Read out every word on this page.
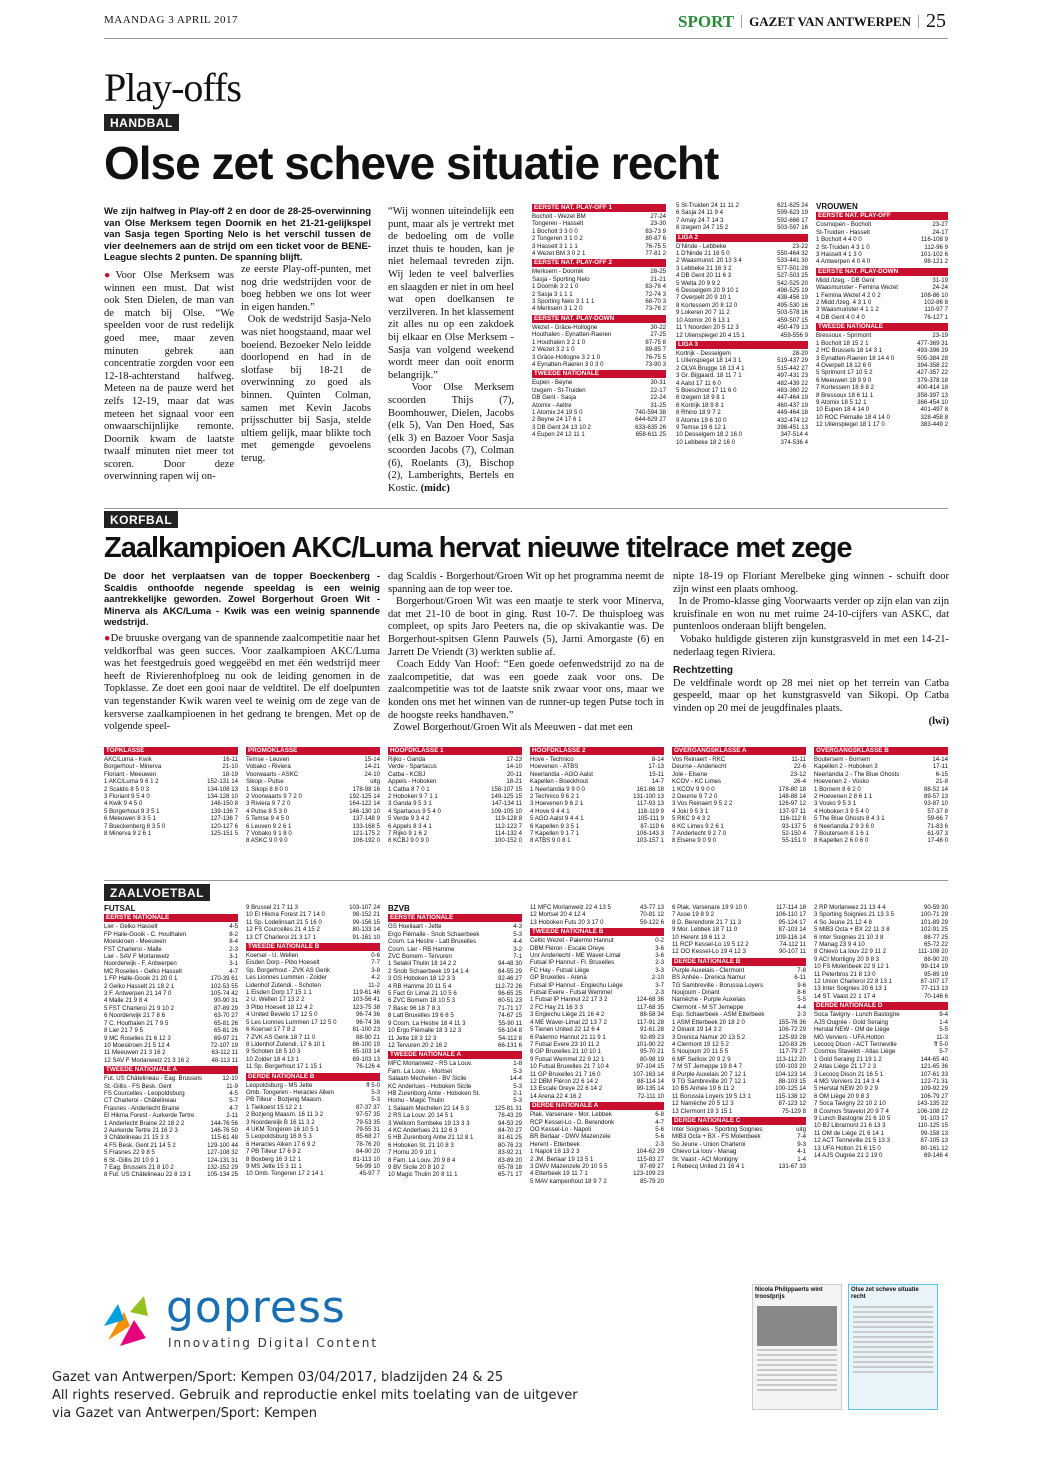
MAANDAG 3 APRIL 2017	SPORT | GAZET VAN ANTWERPEN | 25
Play-offs
HANDBAL
Olse zet scheve situatie recht

We zijn halfweg in Play-off 2 en door de 28-25-overwinning van Olse Merksem tegen Doornik en het 21-21-gelijkspel van Sasja tegen Sporting Nelo is het verschil tussen de vier deelnemers aan de strijd om een ticket voor de BENE-League slechts 2 punten. De spanning blijft.

●Voor Olse Merksem was winnen een must. Dat wist ook Sten Dielen, de man van de match bij Olse. “We speelden voor de rust redelijk goed mee, maar zeven minuten gebrek aan concentratie zorgden voor een 12-18-achterstand halfweg. Meteen na de pauze werd het zelfs 12-19, maar dat was meteen het signaal voor een onwaarschijnlijke remonte. Doornik kwam de laatste twaalf minuten niet meer tot scoren. Door deze overwinning rapen wij on-

ze eerste Play-off-punten, met nog drie wedstrijden voor de boeg hebben we ons lot weer in eigen handen.”
Ook de wedstrijd Sasja-Nelo was niet hoogstaand, maar wel boeiend. Bezoeker Nelo leidde doorlopend en had in de slotfase bij 18-21 de overwinning zo goed als binnen. Quinten Colman, samen met Kevin Jacobs prijsschutter bij Sasja, stelde ultiem gelijk, maar blikte toch met gemengde gevoelens terug.

“Wij wonnen uiteindelijk een punt, maar als je vertrekt met de bedoeling om de volle inzet thuis te houden, kan je niet helemaal tevreden zijn. Wij leden te veel balverlies en slaagden er niet in om heel wat open doelkansen te verzilveren. In het klassement zit alles nu op een zakdoek bij elkaar en Olse Merksem - Sasja van volgend weekend wordt meer dan ooit enorm belangrijk.”

Voor Olse Merksem scoorden Thijs (7), Boomhouwer, Dielen, Jacobs (elk 5), Van Den Hoed, Sas (elk 3) en Bazoer Voor Sasja scoorden Jacobs (7), Colman (6), Roelants (3), Bischop (2), Lamberights, Bertels en Kostic. (midc)

EERSTE NAT. PLAY-OFF 1
Bocholt - Wezet BM	27-24
Tongeren - Hasselt	23-30
1 Bocholt 3 3 0 0	83-73 9
2 Tongeren 3 1 0 2	80-87 6
3 Hasselt 3 1 1 1	76-75 5
4 Wezet BM 3 0 2 1	77-81 2
EERSTE NAT. PLAY-OFF 2
Merksem - Doornik	28-25
Sasja - Sporting Nelo	21-21
1 Doornik 3 2 1 0	83-76 4
2 Sasja 3 1 1 1	72-74 3
3 Sporting Nelo 3 1 1 1	68-70 3
4 Merksem 3 1 2 0	73-76 2
EERSTE NAT. PLAY-DOWN
Wezet - Grâce-Hollogne	30-22
Houthalen - Eynatten-Raeren	27-25
1 Houthalen 3 2 1 0	87-75 8
2 Wezet 3 2 1 0	89-85 7
3 Grâce-Hollogne 3 2 1 0	76-75 5
4 Eynatten-Raeren 3 0 3 0	73-90 3
TWEEDE NATIONALE
Eupen - Beyne	30-31
Izegem - St-Truiden	22-17
DB Gent - Sasja	22-24
Atomix - Aeltre	31-25
1 Atomix 24 19 5 0	740-594 38
2 Beyne 24 17 6 1	644-629 27
3 DB Gent 24 13 10 2	633-635 26
4 Eupen 24 12 11 1	658-611 25
5 St-Truiden 24 11 11 2	621-625 24
6 Sasja 24 11 9 4	599-623 19
7 Amay 24 7 14 3	592-666 17
8 Izegem 24 7 15 2	503-597 16
LIGA 2
D'Ninde - Lebbeke	23-22
1 D'Ninde 21 16 5 0	550-464 32
2 Waasmunst. 20 13 3 4	533-441 30
3 Lebbeke 21 16 3 2	577-501 28
4 DB Gent 20 11 6 3	527-503 25
5 Welta 20 9 9 2	542-525 20
6 Desselgem 20 9 10 1	498-525 19
7 Overpelt 20 9 10 1	438-456 19
8 Kortessem 20 8 12 0	495-530 16
9 Lokeren 20 7 11 2	503-578 16
10 Atomix 20 6 13 1	459-507 15
11 'l Noorden 20 5 12 3	450-479 13
12 Uilenspiegel 20 4 15 1	459-556 9
LIGA 3
Kortrijk - Desselgem	28-20
1 Uilenspiegel 18 14 3 1	519-437 29
2 OLVA Brugge 18 13 4 1	515-442 27
3 Gr. Bijgaard. 18 11 7 1	497-431 23
4 Aalst 17 11 6 0	482-439 22
5 Boeschoot 17 11 6 0	483-360 22
6 Izegem 18 9 8 1	447-464 19
6 Kortrijk 18 9 8 1	460-437 19
8 Rhino 18 9 7 2	449-464 18
9 Atomix 19 6 10 0	432-474 12
9 Temse 19 6 12 1	398-451 13
10 Desselgem 18 2 16 0	347-514 4
10 Lebbeke 18 2 16 0	374-536 4
VROUWEN
EERSTE NAT. PLAY-OFF
Cosmopen - Bocholt	23-27
St-Truiden - Hasselt	24-17
1 Bocholt 4 4 0 0	116-108 9
2 St-Truiden 4 3 1 0	112-96 9
3 Hasselt 4 1 3 0	101-102 6
4 Antwerpen 4 0 4 0	98-121 2
EERSTE NAT. PLAY-DOWN
Midd./Izeg. - DB Gent	31-19
Waasmunster - Femina Wezet	24-24
1 Femina Wezet 4 2 0 2	108-86 10
2 Midd./Izeg. 4 3 1 0	102-86 8
3 Waasmunster 4 1 1 2	110-97 7
4 DB Gent 4 0 4 0	76-127 1
TWEEDE NATIONALE
Bressoux - Sprimont	23-19
1 Bocholt 18 15 2 1	477-369 31
2 HC Brussels 18 14 3 1	493-396 29
3 Eynatten-Raeren 18 14 4 0	505-384 28
4 Overpelt 18 12 6 0	394-358 22
5 Sprimont 17 10 5 2	427-357 22
6 Meeuwen 18 9 9 0	379-378 18
7 Kortessem 18 8 8 2	400-414 18
8 Bressoux 18 6 11 1	358-397 13
9 Atomix 18 5 12 1	366-454 10
10 Eupen 18 4 14 0	401-497 8
10 ROC Flémalle 18 4 14 0	328-458 8
12 Uilenspiegel 18 1 17 0	383-449 2
KORFBAL
Zaalkampioen AKC/Luma hervat nieuwe titelrace met zege

De door het verplaatsen van de topper Boeckenberg - Scaldis onthoofde negende speeldag is een weinig aantrekkelijke geworden. Zowel Borgerhout Groen Wit - Minerva als AKC/Luma - Kwik was een weinig spannende wedstrijd.

●De bruuske overgang van de spannende zaalcompetitie naar het veldkorfbal was geen succes. Voor zaalkampioen AKC/Luma was het feestgedruis goed weggeëbd en met één wedstrijd meer heeft de Rivierenhofploeg nu ook de leiding genomen in de Topklasse. Ze doet een gooi naar de veldtitel. De elf doelpunten van tegenstander Kwik waren veel te weinig om de zege van de kersverse zaalkampioenen in het gedrang te brengen. Met op de volgende speel-

dag Scaldis - Borgerhout/Groen Wit op het programma neemt de spanning aan de top weer toe.

Borgerhout/Groen Wit was een maatje te sterk voor Minerva, dat met 21-10 de boot in ging. Rust 10-7. De thuisploeg was compleet, op spits Jaro Peeters na, die op skivakantie was. De Borgerhout-spitsen Glenn Pauwels (5), Jarni Amorgaste (6) en Jarrett De Vriendt (3) werkten sublie af.

Coach Eddy Van Hoof: “Een goede oefenwedstrijd zo na de zaalcompetitie, dat was een goede zaak voor ons. De zaalcompetitie was tot de laatste snik zwaar voor ons, maar we konden ons met het winnen van de runner-up tegen Putse toch in de hoogste reeks handhaven.”

Zowel Borgerhout/Groen Wit als Meeuwen - dat met een

nipte 18-19 op Floriant Merelbeke ging winnen - schuift door zijn winst een plaats omhoog.

In de Promo-klasse ging Voorwaarts verder op zijn elan van zijn kruisfinale en won nu met ruime 24-10-cijfers van ASKC, dat puntenloos onderaan blijft bengelen.

Vobako huldigde gisteren zijn kunstgrasveld in met een 14-21-nederlaag tegen Riviera.

Rechtzetting

De veldfinale wordt op 28 mei niet op het terrein van Catba gespeeld, maar op het kunstgrasveld van Sikopi. Op Catba vinden op 20 mei de jeugdfinales plaats.

(lwi)

TOPKLASSE
AKC/Luma - Kwik	16-11
Borgerhout - Minerva	21-10
Floriant - Meeuwen	18-19
1 AKC/Luma 9 6 1 2	152-131 14
2 Scaldis 8 5 0 3	134-108 13
3 Floriant 9 5 4 0	134-128 10
4 Kwik 9 4 5 0	146-150 8
5 Borgerhout 9 3 5 1	139-136 7
6 Meeuwen 8 3 5 1	127-136 7
7 Boeckenberg 8 3 5 0	120-127 6
8 Minerva 9 2 6 1	125-151 5
PROMOKLASSE
Temse - Leuven	15-14
Vobako - Riviera	14-21
Voorwaarts - ASKC	24-10
Sikopi - Putse	uitg
1 Sikopi 8 8 0 0	178-98 16
2 Voorwaarts 9 7 2 0	192-125 14
3 Riviera 9 7 2 0	164-122 14
4 Putse 8 5 3 0	146-130 10
5 Temse 9 4 5 0	137-148 9
6 Leuven 9 2 6 1	133-168 5
7 Vobako 9 1 8 0	121-175 2
8 ASKC 9 0 9 0	106-192 0
HOOFDKLASSE 1
Rijko - Ganda	17-23
Verde - Spartacus	14-10
Catba - KCBJ	20-11
Appels - Hoboken	18-21
1 Catba 8 7 0 1	158-107 15
2 Hoboken 9 7 1 1	149-125 15
3 Ganda 9 5 3 1	147-134 11
4 Spartacus 9 5 4 0	109-105 10
5 Verde 9 3 4 2	119-128 8
6 Appels 8 3 4 1	112-123 7
7 Rijko 9 1 6 2	114-132 4
8 KCBJ 9 0 9 0	100-152 0
HOOFDKLASSE 2
Hove - Technico	8-14
Hoevenen - ATBS	17-13
Neerlandia - AGO Aalst	15-11
Kapellen - Boeckhout	14-7
1 Neerlandia 9 9 0 0	161-86 18
2 Technico 9 6 2 1	131-100 13
3 Hoevenen 9 6 2 1	117-93 13
4 Hove 9 4 4 1	118-119 9
5 AGO Aalst 9 4 4 1	105-111 9
6 Kapellen 9 3 5 1	87-119 6
7 Kapellen 9 1 7 1	106-143 3
8 ATBS 9 0 8 1	103-157 1
OVERGANGSKLASSE A
Vos Reinaert - RKC	11-11
Deurne - Anderlecht	22-6
Jole - Elsene	23-12
KCOV - KC Limes	26-4
1 KCOV 9 9 0 0	178-80 18
2 Deurne 9 7 2 0	148-88 14
3 Vos Reinaert 9 5 2 2	126-97 12
4 Joki 9 5 3 1	137-97 11
5 RKC 9 4 3 2	116-112 8
6 KC Limes 9 2 6 1	93-137 5
7 Anderlecht 9 2 7 0	52-150 4
8 Elsene 9 0 9 0	55-151 0
OVERGANGSKLASSE B
Boutersem - Bornem	14-14
Kapellen 2 - Hoboken 3	17-11
Neerlandia 2 - The Blue Ghosts	6-15
Hoevenen 2 - Vosko	21-8
1 Bornem 8 6 2 0	88-52 14
2 Hoevenen 2 8 6 1 1	89-57 13
3 Vosko 9 5 3 1	93-87 10
4 Hoboken 3 9 5 4 0	57-37 8
5 The Blue Ghosts 8 4 3 1	59-66 7
6 Neerlandia 2 9 3 6 0	71-83 6
7 Boutersem 8 1 6 1	61-97 3
8 Kapellen 2 6 0 6 0	17-46 0
ZAALVOETBAL
FUTSAL
EERSTE NATIONALE
Lier - Gelko Hasselt	4-5
FP Halle-Gooik - C. Houthalen	8-2
Moeskroen - Meeuwen	8-4
FST Charleroi - Malle	2-3
Lier - SAV F Morlanwelz	3-1
Noorderwijk - F. Antwerpen	3-1
MC Roselies - Gelko Hasselt	4-7
1 FP Halle-Gooik 21 20 0 1	170-39 61
2 Gelko Hasselt 21 18 2 1	102-53 55
3 F. Antwerpen 21 14 7 0	105-74 42
4 Malle 21 9 8 4	90-90 31
5 FST Charleroi 21 9 10 2	87-89 29
6 Noorderwijk 21 7 8 6	63-70 27
7 C. Houthalen 21 7 9 5	65-81 26
8 Lier 21 7 9 5	65-81 26
9 MC Roselies 21 6 12 3	69-97 21
10 Moeskroen 21 5 12 4	72-107 19
11 Meeuwen 21 3 16 2	63-112 11
12 SAV F Morlanwelz 21 3 16 2	48-113 11
TWEEDE NATIONALE A
Fut. US Châtelineau - Eag. Brussels	12-10
St.-Gillis - FS Besk. Gent	11-9
FS Courcelles - Leopoldsburg	4-5
CT Charleroi - Châtelineau	5-7
Frasnes - Anderlecht Braine	4-7
El Hikma Forest - Aurkerde Tertre	2-11
1 Anderlecht Braine 22 18 2 2	144-76 56
2 Aurkerde Tertre 21 16 2 3	146-76 50
3 Châtelineau 21 15 3 3	115-61 48
4 FS Besk. Gent 21 14 5 2	129-100 44
5 Frasnes 22 9 8 5	127-108 32
6 St.-Gillis 20 10 9 1	124-131 31
7 Eag. Brussels 21 8 10 2	132-152 29
8 Fut. US Châtelineau 22 8 13 1	105-134 25
9 Brussel 21 7 11 3	103-107 24
10 El Hikma Forest 21 7 14 0	98-152 21
11 Sp. Lodelinsart 21 5 16 0	99-156 15
12 FS Courcelles 21 4 15 2	80-133 14
13 CT Charleroi 21 3 17 1	91-161 10
TWEEDE NATIONALE B
Koersel - U. Wellen	0-6
Eisden Dorp - Pibo Hoeselt	7-7
Sp. Borgerhout - ZVK AS Genk	3-8
Les Lionnes Lummen - Zolder	4-2
Lidenhof Zutendi. - Schoten	11-2
1 Eisden Dorp 17 15 1 1	119-61 46
2 U. Wellen 17 13 2 2	103-56 41
3 Pibo Hoeselt 18 12 4 2	123-75 38
4 United Bevello 17 12 5 0	96-74 36
5 Les Lionnes Lummen 17 12 5 0	96-74 36
6 Koersel 17 7 8 2	81-100 23
7 ZVK AS Genk 18 7 11 0	88-90 21
8 Lidenhof Zutendi. 17 6 10 1	86-100 19
9 Schoten 18 5 10 3	65-103 14
10 Zolder 18 4 13 1	69-103 13
11 Sp. Borgerhout 17 1 15 1	76-126 4
DERDE NATIONALE B
Leopoldsburg - MS Jette	ff 5-0
Omb. Tongeren - Heracles Alken	5-3
PB Tilleur - Bozjeng Maasm.	5-3
1 Tielkoest 15 12 2 1	87-37 37
2 Bozjeng Maasm. 16 11 3 2	97-57 35
3 Noordereijk B 16 11 3 2	79-53 35
4 UKM Tongeren 16 10 5 1	79-55 31
5 Leopoldsburg 16 8 5 3	85-68 27
6 Heracles Alken 17 6 9 2	78-76 20
7 PB Tilleur 17 6 9 2	84-90 20
8 Boxberg 16 3 12 1	81-113 10
9 MS Jette 15 3 11 1	56-99 10
10 Omb. Tongeren 17 2 14 1	45-97 7
BZVB
EERSTE NATIONALE
GS Hoeilaart - Jette	4-3
Ergo Flémalle - Snob Schaerbeek	5-3
Cosm. La Hestre - Latt Bruxelles	4-4
Cosm. Lier - RB Hamme	3-2
ZVC Bomem - Tervuren	7-1
1 Selakil Thulin 18 14 2 2	94-48 30
2 Snob Schaerbeek 19 14 1 4	84-55 29
3 GS Hoboken 18 12 3 3	92-46 27
4 RB Hamme 20 11 5 4	112-72 26
5 Fact Gr Limal 21 10 5 6	96-65 25
6 ZVC Bomem 18 10 5 3	60-51 23
7 Basic 96 18 7 8 3	71-71 17
8 Latt Bruxelles 19 6 8 5	74-67 15
9 Cosm. La Hestre 18 4 11 3	55-90 11
10 Ergo Flémalle 18 3 12 3	56-104 8
11 Jette 18 3 12 3	54-112 8
12 Tervuren 20 2 16 2	66-131 6
TWEEDE NATIONALE A
MFC Morlanwelz - RS La Louv.	1-8
Fam. La Louv. - Mortsel	5-3
Salaam Mechelen - BV Sicile	14-4
KC Anderlues - Hoboken Sicile	5-3
HB Zurenborg Antw - Hoboken St.	2-1
Homu - Magic Thulin	5-3
1 Salaam Mechelen 22 14 5 3	125-81 31
2 RS La Louv. 20 14 5 1	78-43 29
3 Welkom Sombeke 19 13 3 3	94-53 29
4 KC Anderlues 21 12 6 3	84-70 27
5 HB Zurenborg Antw 21 12 8 1	81-61 25
6 Hoboken St. 21 10 8 3	80-76 23
7 Homu 20 9 10 1	83-92 21
8 Fam. La Louv. 20 9 8 4	83-89 20
9 BV Sicile 20 8 10 2	65-78 18
10 Magic Thulin 20 8 11 1	65-71 17
11 MFC Morlanwelz 22 4 13 5	43-77 13
12 Mortsel 20 4 12 4	70-81 12
13 Hoboken Futs 20 3 17 0	59-122 6
TWEEDE NATIONALE B
Celtic Wezet - Palermo Hannut	0-2
DBM Fléron - Escale Oreye	3-6
Unr Anderlecht - ME Waver-Limal	3-6
Futsal IP Hannut - Fl. Bruxelles	2-3
FC Hay - Futsal Liège	3-3
GP Bruxelles - Arena	2-10
Futsal IP Hannut - Engiechu Liège	3-7
Futsal Evere - Futsal Wemmel	2-3
1 Futsal IP Hannut 22 17 3 2	124-68 36
2 FC Hay 21 16 3 3	117-68 35
3 Engiechu Liège 21 16 4 2	88-58 34
4 ME Waver-Limal 22 13 7 2	117-91 28
5 Tienen United 22 12 6 4	91-61 28
6 Palermo Hannut 21 11 9 1	92-89 23
7 Futsal Evere 23 10 11 2	101-90 22
8 GP Bruxelles 21 10 10 1	95-70 21
9 Futsal Wemmel 22 9 12 1	80-98 19
10 Futsal Bruxelles 21 7 10 4	97-104 15
11 GP Bruxelles 21 7 16 0	107-163 14
12 DBM Fléron 22 6 14 2	88-114 14
13 Escale Oreye 22 6 14 2	99-135 14
14 Arena 22 4 16 2	72-111 10
DERDE NATIONALE A
Plak. Varsenare - Mor. Lebbek	6-8
RCP Kessel-Lo - D. Berendonk	4-7
OO Kessel-Lo - Napoli	5-6
BR Berlaar - DWV Mazenzele	5-6
Herent - Etterbeek	2-3
1 Napoli 18 13 2 3	104-62 29
2 JM. Berlaar 19 13 5 1	115-83 27
3 DWV Mazenzele 20 10 5 5	87-69 27
4 Etterbeek 19 11 7 1	123-109 23
5 MAV kampenhout 18 9 7 2	85-79 20
6 Plak. Varsenare 19 9 10 0	117-114 18
7 Asse 19 8 9 2	106-110 17
8 D. Berendonk 21 7 11 3	95-124 17
9 Mor. Lebbek 18 7 11 0	87-103 14
10 Herent 19 6 11 2	109-116 14
11 RCP Kessel-Lo 19 5 12 2	74-112 11
12 OO Kessel-Lo 19 4 12 3	90-107 11
DERDE NATIONALE B
Purple Auxelais - Clermont	7-8
BS Anhée - Drenica Namur	6-11
TG Sambreville - Borussia Loyers	9-6
Noujoum - Dinant	8-6
Namèche - Purple Auxelais	5-5
Clermont - M ST Jemeppe	4-4
Esp. Schaerbeek - ASM Etterbeek	2-3
1 ASM Etterbeek 20 18 2 0	155-76 36
2 Dinant 19 14 3 2	106-72 29
3 Drenica Namur 20 13 5 2	125-93 28
4 Clermont 19 12 5 2	120-83 26
5 Noujoum 20 11 5 5	117-79 27
6 MF Seilloix 20 9 2 9	113-112 20
7 M ST Jemeppe 19 8 4 7	100-103 20
8 Purple Auxelais 20 7 12 1	104-123 14
9 TG Sambreville 20 7 12 1	88-103 15
10 BS Anhée 19 6 11 2	100-125 14
11 Borussia Loyers 19 5 13 1	115-138 12
12 Namèche 20 5 12 3	87-123 12
13 Clermont 19 3 15 1	75-129 8
DERDE NATIONALE C
Inter Soignies - Sporting Soignies	uitg
MIB3 Octa + BX - FS Molenbeek	7-4
So Jeune - Union Charleroi	9-3
Chievo La louv - Manag	4-1
St. Vaast - ACI Montigny	1-4
1 Rebecq United 21 16 4 1	131-67 33
2 RP Morlanwez 21 13 4 4	90-59 30
3 Sporting Soignies 21 13 3 5	100-71 29
4 So Jeune 21 12 4 8	101-89 29
5 MIB3 Octa + BX 22 11 3 8	102-91 25
6 Inter Soignies 21 10 3 8	88-77 25
7 Manag 23 9 4 10	65-72 22
8 Chievo La louv 22 9 11 2	111-108 20
9 ACI Montigny 20 9 8 3	88-90 20
10 FS Molenbeek 22 9 12 1	99-114 19
11 Peterbros 21 8 13 0	95-89 19
12 Union Charleroi 22 8 13 1	87-107 17
13 Inter Soignies 20 6 13 1	77-113 13
14 ST. Vaast 22 1 17 4	70-146 6
DERDE NATIONALE D
Soca Tavigny - Lunch Bastogne	9-4
AJS Ougrée - Gold Seraing	1-4
Herstal NEW - OM de Liège	5-5
MG Verviers - UFA Hotton	11-3
Lecocq Dison - ACT Tenneville	ff 5-0
Cosmos Stavelot - Atlas Liège	5-7
1 Gold Seraing 21 19 1 2	144-65 40
2 Atlas Liège 21 17 2 3	121-65 36
3 Lecocq Dison 21 16 5 1	107-61 33
4 MG Verviers 21 14 3 4	122-71 31
5 Herstal NEW 20 9 2 9	109-92 29
6 OM Liège 20 9 8 3	106-79 27
7 Soca Tavigny 22 10 2 10	143-135 22
8 Cosmos Stavelot 20 9 7 4	106-108 22
9 Lunch Bastogne 21 6 10 5	91-103 17
10 BJ Libramont 21 6 13 3	110-125 15
11 OM de Liège 21 6 14 1	99-158 13
12 ACT Tenneville 21 5 13 3	87-105 13
13 UFA Hotton 21 6 15 0	80-161 12
14 AJS Ougrée 21 2 19 0	69-146 4
gopress
Innovating Digital Content
Gazet van Antwerpen/Sport: Kempen 03/04/2017, bladzijden 24 & 25
All rights reserved. Gebruik and reproductie enkel mits toelating van de uitgever
via Gazet van Antwerpen/Sport: Kempen
Nicola Philippaerts wint troostprijs
Olse zet scheve situatie recht
